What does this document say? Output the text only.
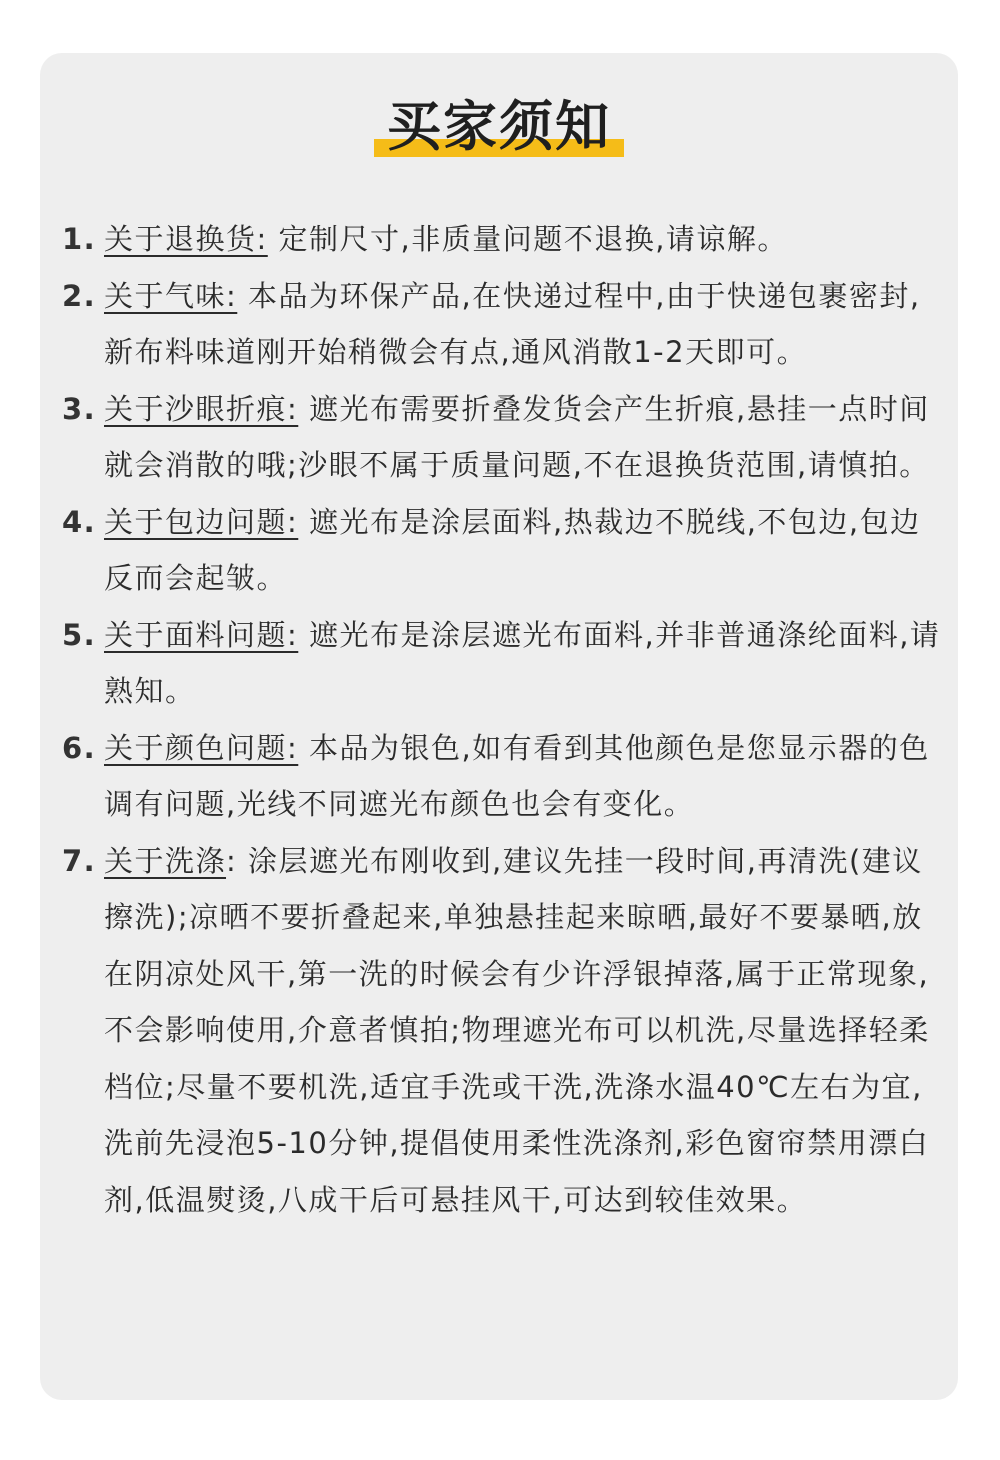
买家须知
1. 关于退换货: 定制尺寸,非质量问题不退换,请谅解。
2. 关于气味: 本品为环保产品,在快递过程中,由于快递包裹密封,新布料味道刚开始稍微会有点,通风消散1-2天即可。
3. 关于沙眼折痕: 遮光布需要折叠发货会产生折痕,悬挂一点时间就会消散的哦;沙眼不属于质量问题,不在退换货范围,请慎拍。
4. 关于包边问题: 遮光布是涂层面料,热裁边不脱线,不包边,包边反而会起皱。
5. 关于面料问题: 遮光布是涂层遮光布面料,并非普通涤纶面料,请熟知。
6. 关于颜色问题: 本品为银色,如有看到其他颜色是您显示器的色调有问题,光线不同遮光布颜色也会有变化。
7. 关于洗涤: 涂层遮光布刚收到,建议先挂一段时间,再清洗(建议擦洗);凉晒不要折叠起来,单独悬挂起来晾晒,最好不要暴晒,放在阴凉处风干,第一洗的时候会有少许浮银掉落,属于正常现象,不会影响使用,介意者慎拍;物理遮光布可以机洗,尽量选择轻柔档位;尽量不要机洗,适宜手洗或干洗,洗涤水温40℃左右为宜,洗前先浸泡5-10分钟,提倡使用柔性洗涤剂,彩色窗帘禁用漂白剂,低温熨烫,八成干后可悬挂风干,可达到较佳效果。
